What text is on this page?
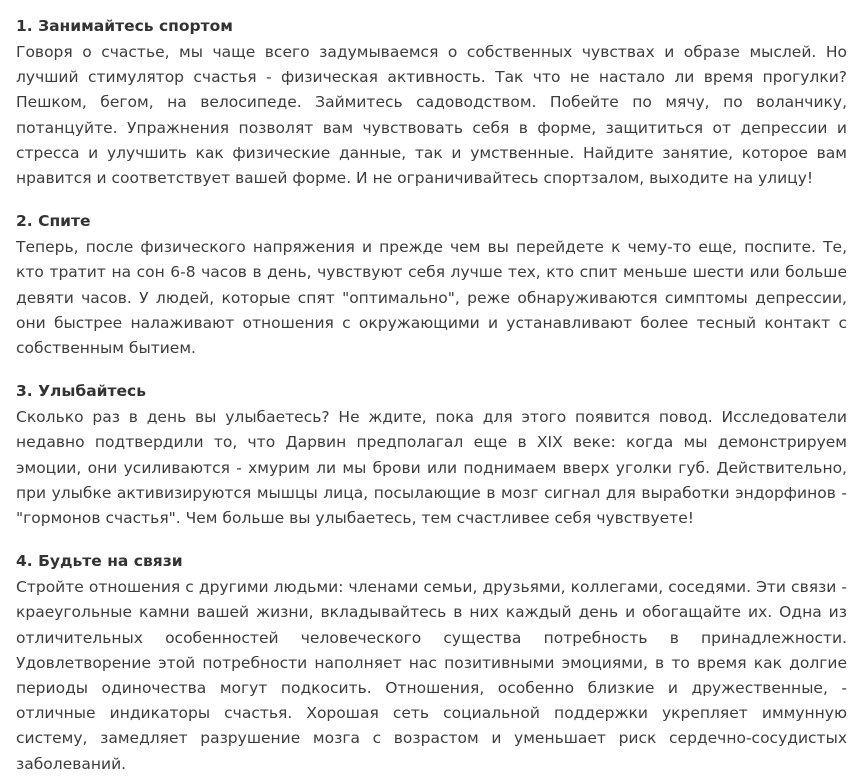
1. Занимайтесь спортом

Говоря о счастье, мы чаще всего задумываемся о собственных чувствах и образе мыслей. Но лучший стимулятор счастья - физическая активность. Так что не настало ли время прогулки? Пешком, бегом, на велосипеде. Займитесь садоводством. Побейте по мячу, по воланчику, потанцуйте. Упражнения позволят вам чувствовать себя в форме, защититься от депрессии и стресса и улучшить как физические данные, так и умственные. Найдите занятие, которое вам нравится и соответствует вашей форме. И не ограничивайтесь спортзалом, выходите на улицу!

2. Спите

Теперь, после физического напряжения и прежде чем вы перейдете к чему-то еще, поспите. Те, кто тратит на сон 6-8 часов в день, чувствуют себя лучше тех, кто спит меньше шести или больше девяти часов. У людей, которые спят "оптимально", реже обнаруживаются симптомы депрессии, они быстрее налаживают отношения с окружающими и устанавливают более тесный контакт с собственным бытием.

3. Улыбайтесь

Сколько раз в день вы улыбаетесь? Не ждите, пока для этого появится повод. Исследователи недавно подтвердили то, что Дарвин предполагал еще в XIX веке: когда мы демонстрируем эмоции, они усиливаются - хмурим ли мы брови или поднимаем вверх уголки губ. Действительно, при улыбке активизируются мышцы лица, посылающие в мозг сигнал для выработки эндорфинов - "гормонов счастья". Чем больше вы улыбаетесь, тем счастливее себя чувствуете!

4. Будьте на связи

Стройте отношения с другими людьми: членами семьи, друзьями, коллегами, соседями. Эти связи - краеугольные камни вашей жизни, вкладывайтесь в них каждый день и обогащайте их. Одна из отличительных особенностей человеческого существа потребность в принадлежности. Удовлетворение этой потребности наполняет нас позитивными эмоциями, в то время как долгие периоды одиночества могут подкосить. Отношения, особенно близкие и дружественные, - отличные индикаторы счастья. Хорошая сеть социальной поддержки укрепляет иммунную систему, замедляет разрушение мозга с возрастом и уменьшает риск сердечно-сосудистых заболеваний.
